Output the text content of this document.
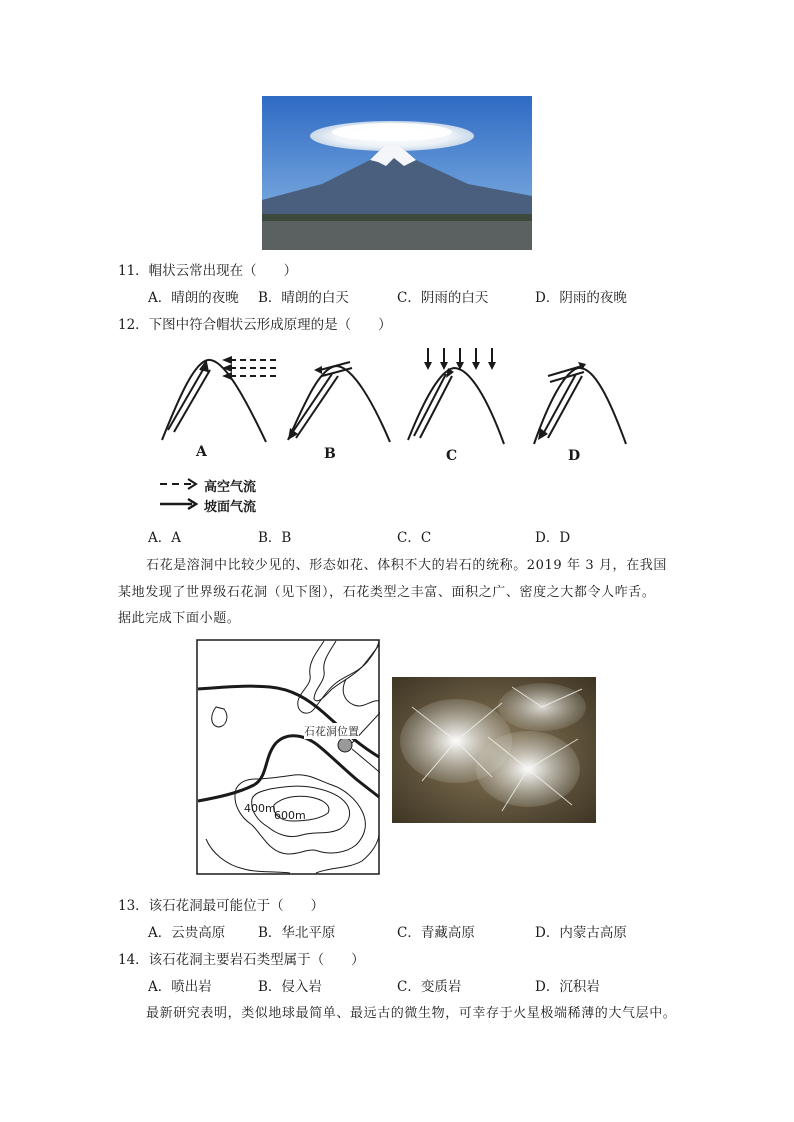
11．帽状云常出现在（　　）
A．晴朗的夜晚 B．晴朗的白天	C．阴雨的白天	D．阴雨的夜晚
12．下图中符合帽状云形成原理的是（　　）
A	B	C	D
高空气流
坡面气流
A．A	B．B	C．C	D．D
石花是溶洞中比较少见的、形态如花、体积不大的岩石的统称。2019 年 3 月，在我国
某地发现了世界级石花洞（见下图），石花类型之丰富、面积之广、密度之大都令人咋舌。
据此完成下面小题。
石花洞位置
400m
600m
13．该石花洞最可能位于（　　）
A．云贵高原 B．华北平原	C．青藏高原	D．内蒙古高原
14．该石花洞主要岩石类型属于（　　）
A．喷出岩	B．侵入岩	C．变质岩	D．沉积岩
最新研究表明，类似地球最简单、最远古的微生物，可幸存于火星极端稀薄的大气层中。
